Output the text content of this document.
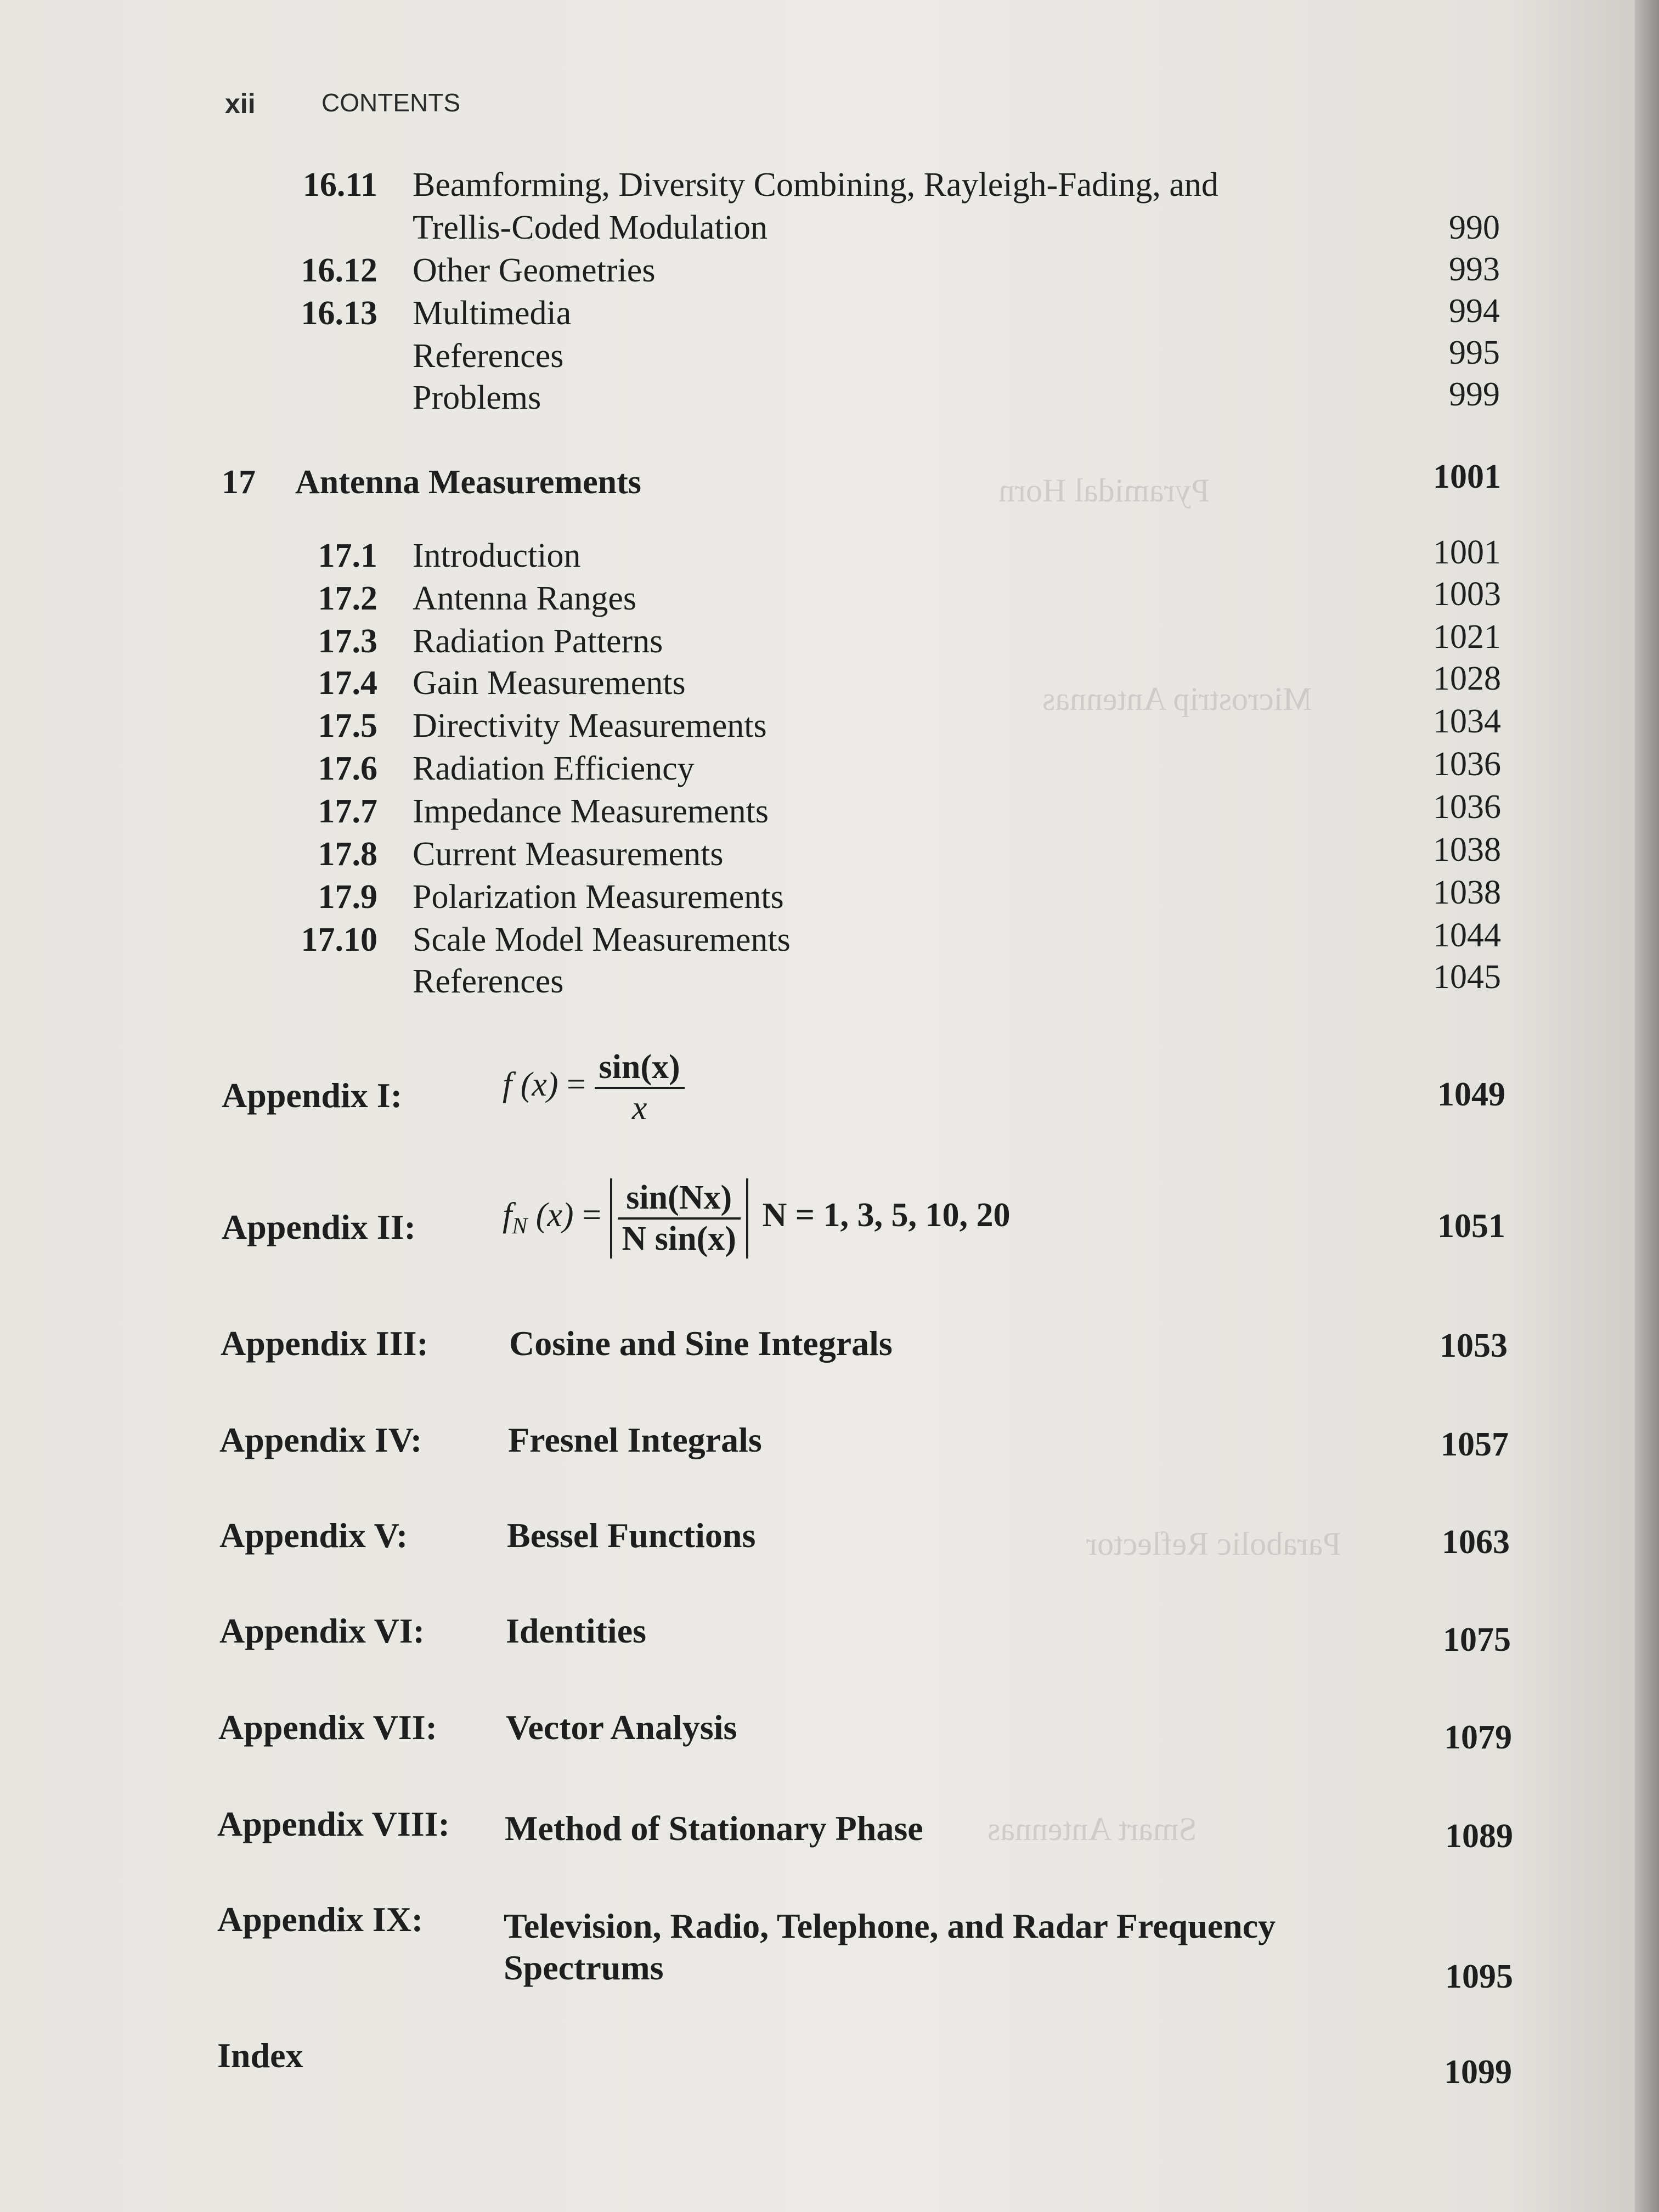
Pyramidal Horn
Microstrip Antennas
Parabolic Reflector
Smart Antennas
xii	CONTENTS
16.11 Beamforming, Diversity Combining, Rayleigh-Fading, and
Trellis-Coded Modulation	990
16.12 Other Geometries	993
16.13 Multimedia	994
References	995
Problems	999
17 Antenna Measurements	1001
17.1 Introduction	1001
17.2 Antenna Ranges	1003
17.3 Radiation Patterns	1021
17.4 Gain Measurements	1028
17.5 Directivity Measurements	1034
17.6 Radiation Efficiency	1036
17.7 Impedance Measurements	1036
17.8 Current Measurements	1038
17.9 Polarization Measurements	1038
17.10 Scale Model Measurements	1044
References	1045
Appendix I:	f $(x) = \frac{\sin(x)}{x}$	1049
Appendix II:	$f_N$ $(x) = \frac{\sin(Nx)}{\text{N sin(x)}}$ N = 1, 3, 5, 10, 20	1051
Appendix III: Cosine and Sine Integrals	1053
Appendix IV: Fresnel Integrals	1057
Appendix V:	Bessel Functions	1063
Appendix VI: Identities	1075
Appendix VII: Vector Analysis	1079
Appendix VIII: Method of Stationary Phase	1089
Appendix IX: Television, Radio, Telephone, and Radar Frequency
Spectrums	1095
Index	1099
